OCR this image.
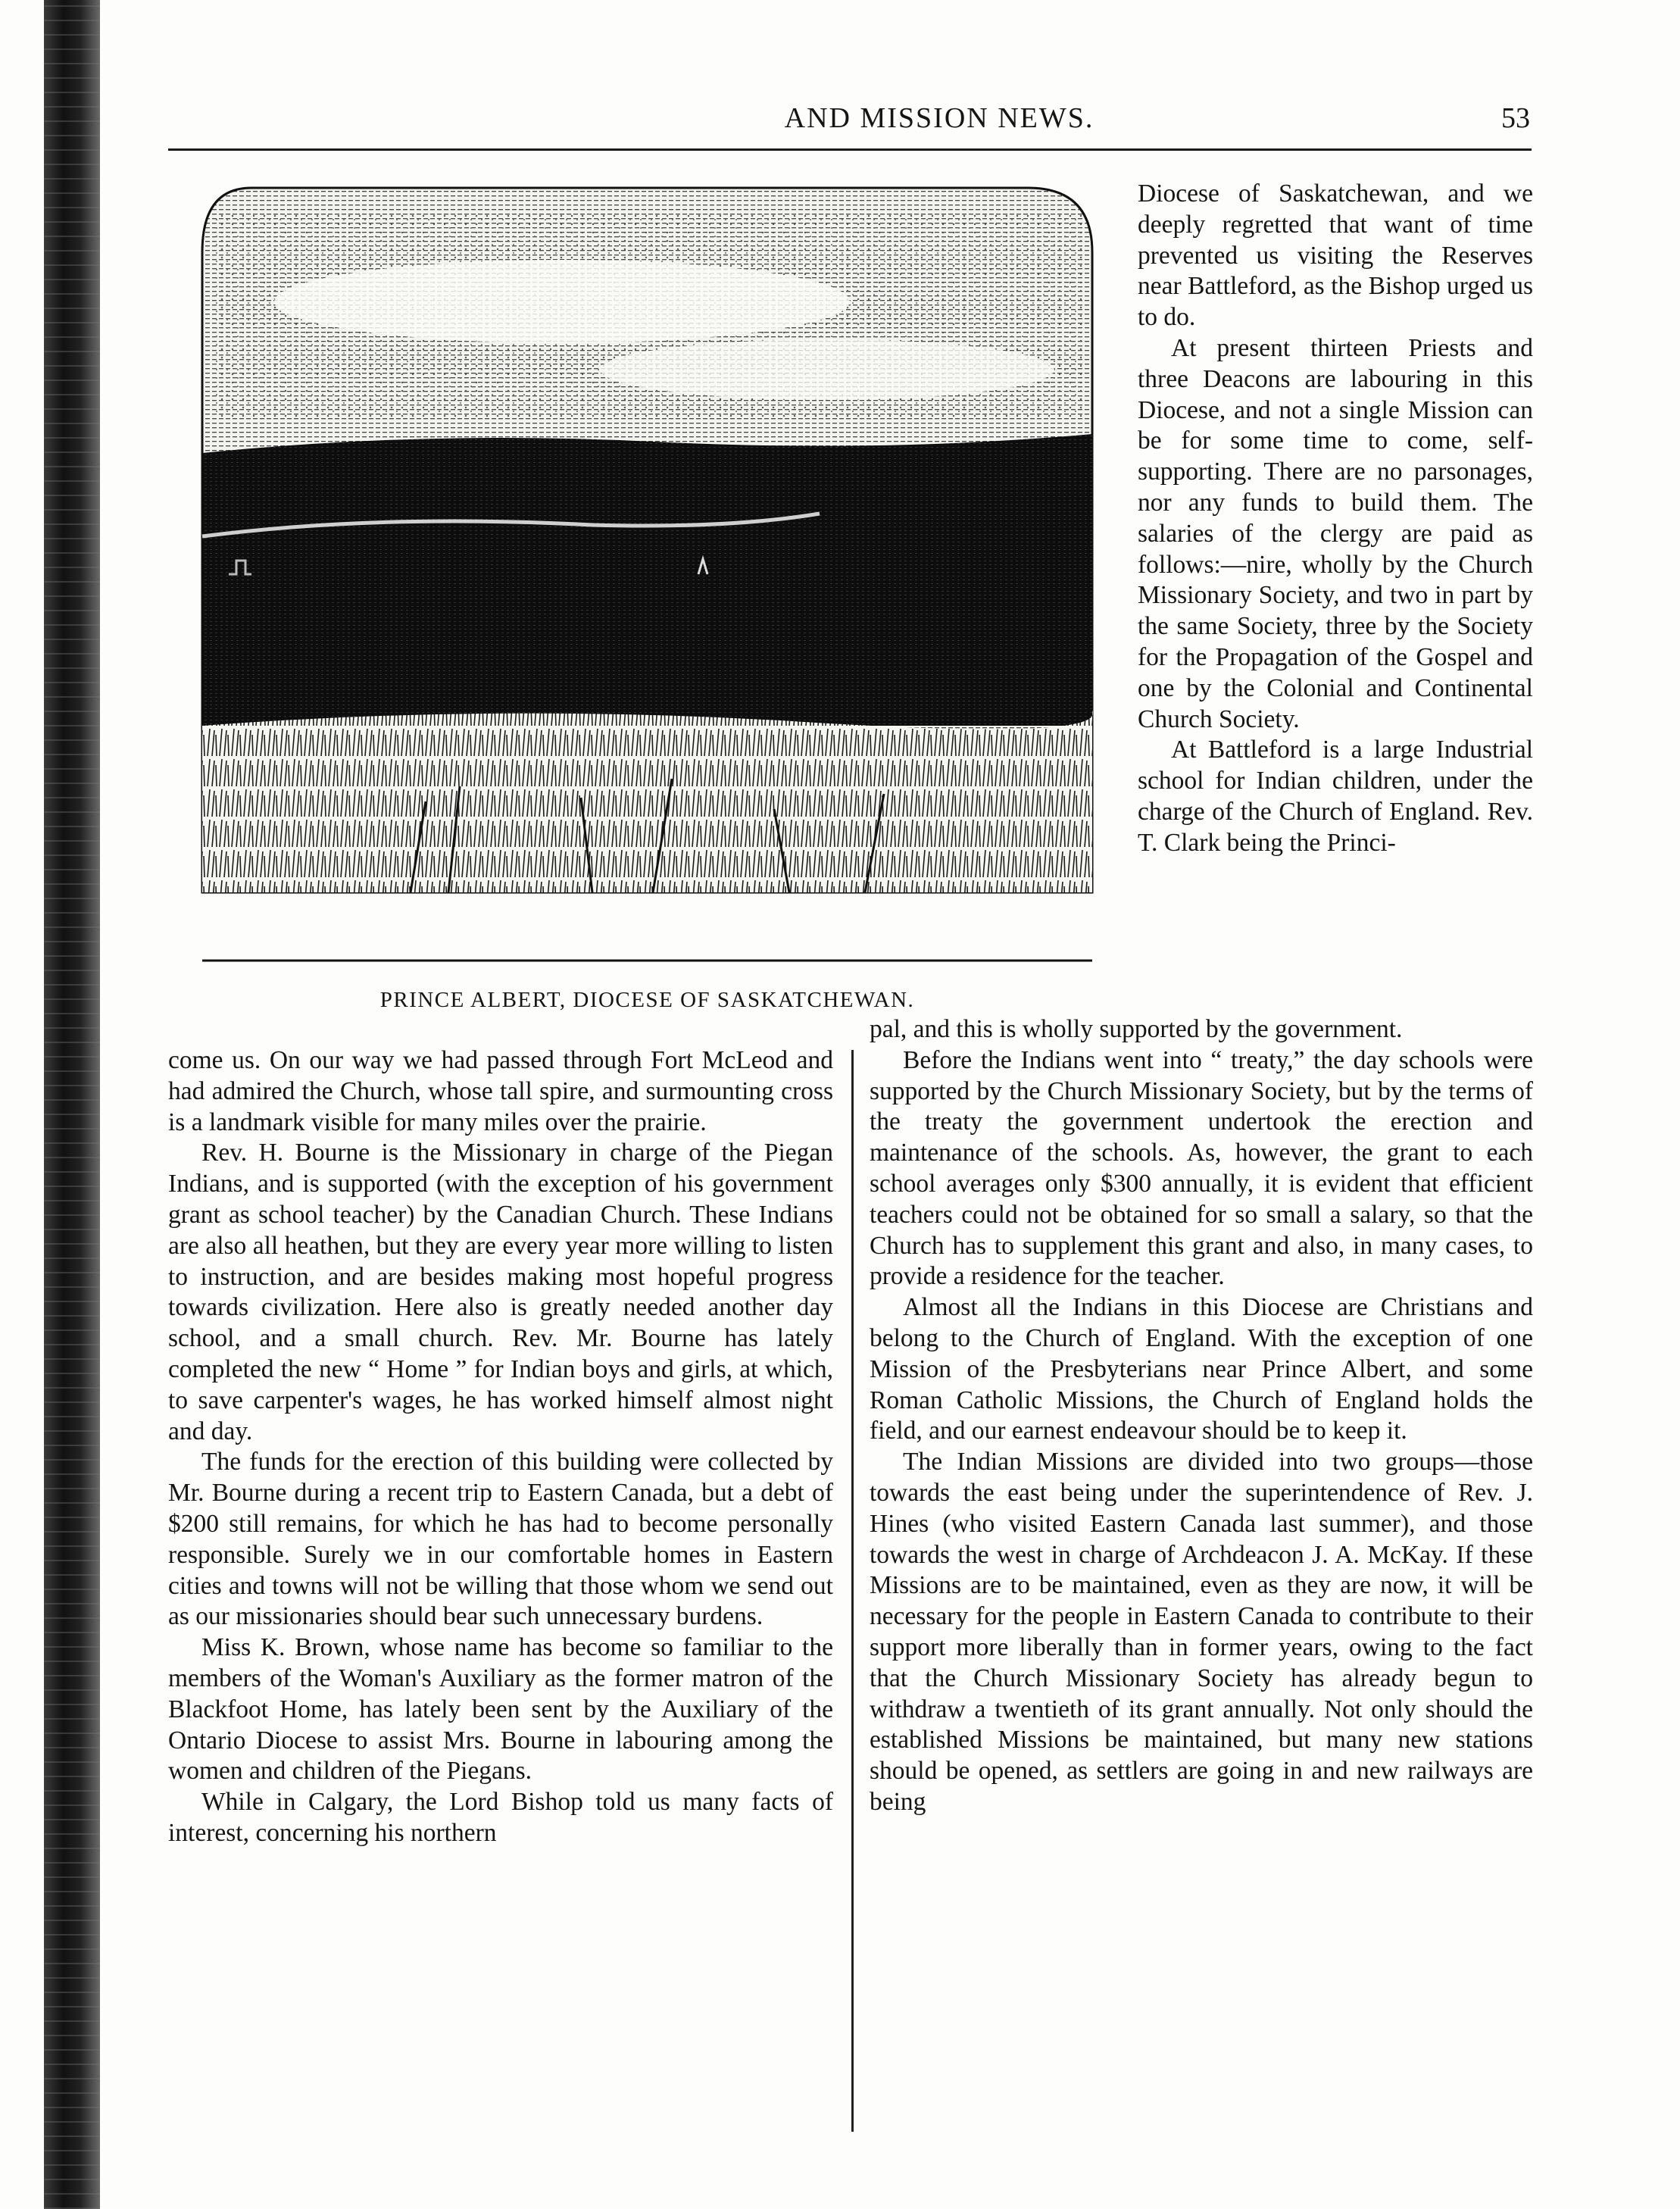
AND MISSION NEWS.	53
PRINCE ALBERT, DIOCESE OF SASKATCHEWAN.

Diocese of Saskatchewan, and we deeply regretted that want of time prevented us visiting the Reserves near Battleford, as the Bishop urged us to do.

At present thirteen Priests and three Deacons are labouring in this Diocese, and not a single Mission can be for some time to come, self-supporting. There are no parsonages, nor any funds to build them. The salaries of the clergy are paid as follows:—nire, wholly by the Church Missionary Society, and two in part by the same Society, three by the Society for the Propagation of the Gospel and one by the Colonial and Continental Church Society.

At Battleford is a large Industrial school for Indian children, under the charge of the Church of England. Rev. T. Clark being the Princi-

come us. On our way we had passed through Fort McLeod and had admired the Church, whose tall spire, and surmounting cross is a landmark visible for many miles over the prairie.

Rev. H. Bourne is the Missionary in charge of the Piegan Indians, and is supported (with the exception of his government grant as school teacher) by the Canadian Church. These Indians are also all heathen, but they are every year more willing to listen to instruction, and are besides making most hopeful progress towards civilization. Here also is greatly needed another day school, and a small church. Rev. Mr. Bourne has lately completed the new “ Home ” for Indian boys and girls, at which, to save carpenter's wages, he has worked himself almost night and day.

The funds for the erection of this building were collected by Mr. Bourne during a recent trip to Eastern Canada, but a debt of $200 still remains, for which he has had to become personally responsible. Surely we in our comfortable homes in Eastern cities and towns will not be willing that those whom we send out as our missionaries should bear such unnecessary burdens.

Miss K. Brown, whose name has become so familiar to the members of the Woman's Auxiliary as the former matron of the Blackfoot Home, has lately been sent by the Auxiliary of the Ontario Diocese to assist Mrs. Bourne in labouring among the women and children of the Piegans.

While in Calgary, the Lord Bishop told us many facts of interest, concerning his northern

pal, and this is wholly supported by the government.

Before the Indians went into “ treaty,” the day schools were supported by the Church Missionary Society, but by the terms of the treaty the government undertook the erection and maintenance of the schools. As, however, the grant to each school averages only $300 annually, it is evident that efficient teachers could not be obtained for so small a salary, so that the Church has to supplement this grant and also, in many cases, to provide a residence for the teacher.

Almost all the Indians in this Diocese are Christians and belong to the Church of England. With the exception of one Mission of the Presbyterians near Prince Albert, and some Roman Catholic Missions, the Church of England holds the field, and our earnest endeavour should be to keep it.

The Indian Missions are divided into two groups—those towards the east being under the superintendence of Rev. J. Hines (who visited Eastern Canada last summer), and those towards the west in charge of Archdeacon J. A. McKay. If these Missions are to be maintained, even as they are now, it will be necessary for the people in Eastern Canada to contribute to their support more liberally than in former years, owing to the fact that the Church Missionary Society has already begun to withdraw a twentieth of its grant annually. Not only should the established Missions be maintained, but many new stations should be opened, as settlers are going in and new railways are being
